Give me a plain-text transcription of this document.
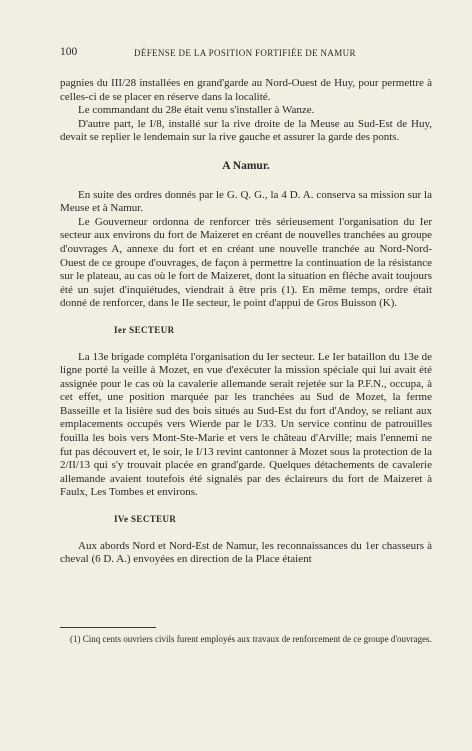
100	DÉFENSE DE LA POSITION FORTIFIÉE DE NAMUR

pagnies du III/28 installées en grand'garde au Nord-Ouest de Huy, pour permettre à celles-ci de se placer en réserve dans la localité.

Le commandant du 28e était venu s'installer à Wanze.

D'autre part, le I/8, installé sur la rive droite de la Meuse au Sud-Est de Huy, devait se replier le lendemain sur la rive gauche et assurer la garde des ponts.

A Namur.

En suite des ordres donnés par le G. Q. G., la 4 D. A. conserva sa mission sur la Meuse et à Namur.

Le Gouverneur ordonna de renforcer très sérieusement l'organisation du Ier secteur aux environs du fort de Maizeret en créant de nouvelles tranchées au groupe d'ouvrages A, annexe du fort et en créant une nouvelle tranchée au Nord-Nord-Ouest de ce groupe d'ouvrages, de façon à permettre la continuation de la résistance sur le plateau, au cas où le fort de Maizeret, dont la situation en flèche avait toujours été un sujet d'inquiétudes, viendrait à être pris (1). En même temps, ordre était donné de renforcer, dans le IIe secteur, le point d'appui de Gros Buisson (K).

Ier SECTEUR

La 13e brigade compléta l'organisation du Ier secteur. Le Ier bataillon du 13e de ligne porté la veille à Mozet, en vue d'exécuter la mission spéciale qui lui avait été assignée pour le cas où la cavalerie allemande serait rejetée sur la P.F.N., occupa, à cet effet, une position marquée par les tranchées au Sud de Mozet, la ferme Basseille et la lisière sud des bois situés au Sud-Est du fort d'Andoy, se reliant aux emplacements occupés vers Wierde par le I/33. Un service continu de patrouilles fouilla les bois vers Mont-Ste-Marie et vers le château d'Arville; mais l'ennemi ne fut pas découvert et, le soir, le I/13 revint cantonner à Mozet sous la protection de la 2/II/13 qui s'y trouvait placée en grand'garde. Quelques détachements de cavalerie allemande avaient toutefois été signalés par des éclaireurs du fort de Maizeret à Faulx, Les Tombes et environs.

IVe SECTEUR

Aux abords Nord et Nord-Est de Namur, les reconnaissances du 1er chasseurs à cheval (6 D. A.) envoyées en direction de la Place étaient

(1) Cinq cents ouvriers civils furent employés aux travaux de renforcement de ce groupe d'ouvrages.
